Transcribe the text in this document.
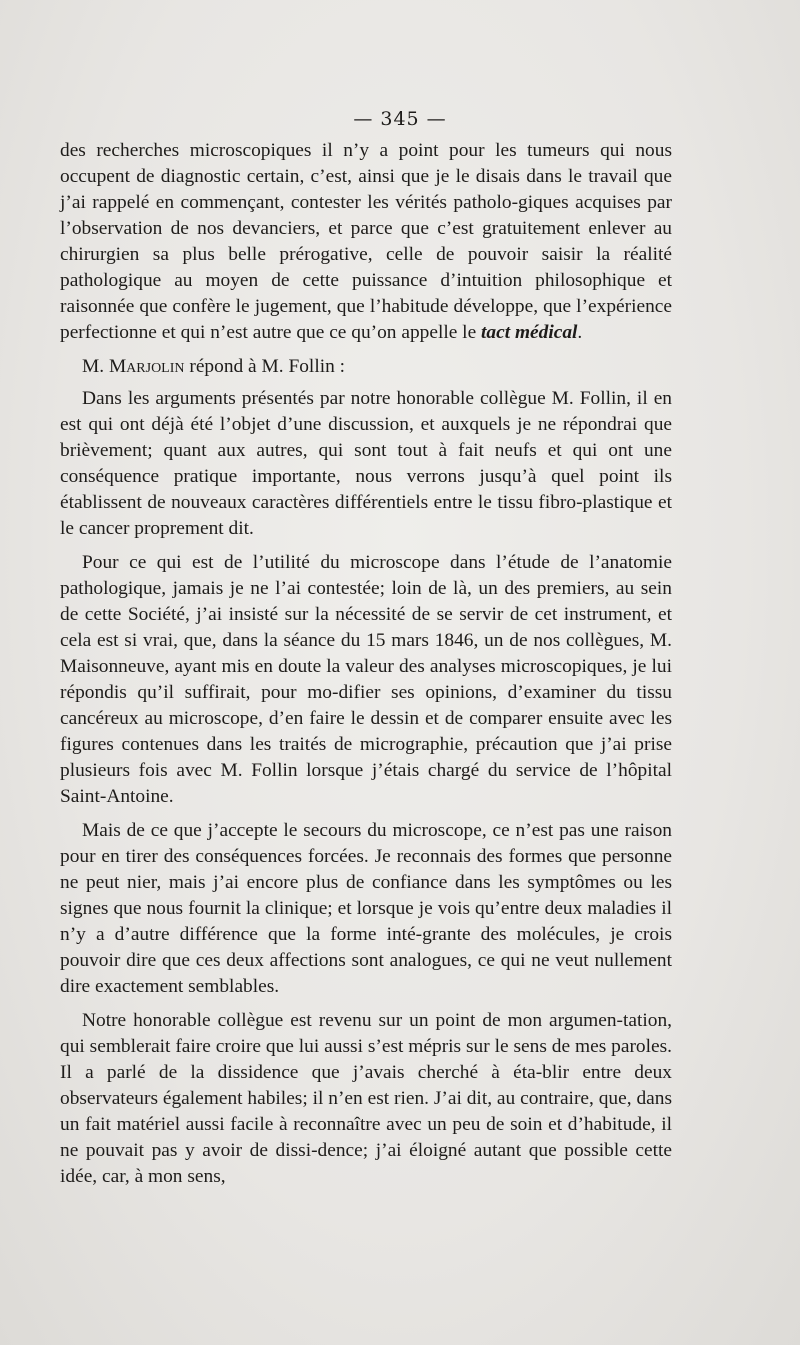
— 345 —

des recherches microscopiques il n’y a point pour les tumeurs qui nous occupent de diagnostic certain, c’est, ainsi que je le disais dans le travail que j’ai rappelé en commençant, contester les vérités patholo-giques acquises par l’observation de nos devanciers, et parce que c’est gratuitement enlever au chirurgien sa plus belle prérogative, celle de pouvoir saisir la réalité pathologique au moyen de cette puissance d’intuition philosophique et raisonnée que confère le jugement, que l’habitude développe, que l’expérience perfectionne et qui n’est autre que ce qu’on appelle le tact médical.

M. Marjolin répond à M. Follin :

Dans les arguments présentés par notre honorable collègue M. Follin, il en est qui ont déjà été l’objet d’une discussion, et auxquels je ne répondrai que brièvement; quant aux autres, qui sont tout à fait neufs et qui ont une conséquence pratique importante, nous verrons jusqu’à quel point ils établissent de nouveaux caractères différentiels entre le tissu fibro-plastique et le cancer proprement dit.

Pour ce qui est de l’utilité du microscope dans l’étude de l’anatomie pathologique, jamais je ne l’ai contestée; loin de là, un des premiers, au sein de cette Société, j’ai insisté sur la nécessité de se servir de cet instrument, et cela est si vrai, que, dans la séance du 15 mars 1846, un de nos collègues, M. Maisonneuve, ayant mis en doute la valeur des analyses microscopiques, je lui répondis qu’il suffirait, pour mo-difier ses opinions, d’examiner du tissu cancéreux au microscope, d’en faire le dessin et de comparer ensuite avec les figures contenues dans les traités de micrographie, précaution que j’ai prise plusieurs fois avec M. Follin lorsque j’étais chargé du service de l’hôpital Saint-Antoine.

Mais de ce que j’accepte le secours du microscope, ce n’est pas une raison pour en tirer des conséquences forcées. Je reconnais des formes que personne ne peut nier, mais j’ai encore plus de confiance dans les symptômes ou les signes que nous fournit la clinique; et lorsque je vois qu’entre deux maladies il n’y a d’autre différence que la forme inté-grante des molécules, je crois pouvoir dire que ces deux affections sont analogues, ce qui ne veut nullement dire exactement semblables.

Notre honorable collègue est revenu sur un point de mon argumen-tation, qui semblerait faire croire que lui aussi s’est mépris sur le sens de mes paroles. Il a parlé de la dissidence que j’avais cherché à éta-blir entre deux observateurs également habiles; il n’en est rien. J’ai dit, au contraire, que, dans un fait matériel aussi facile à reconnaître avec un peu de soin et d’habitude, il ne pouvait pas y avoir de dissi-dence; j’ai éloigné autant que possible cette idée, car, à mon sens,
